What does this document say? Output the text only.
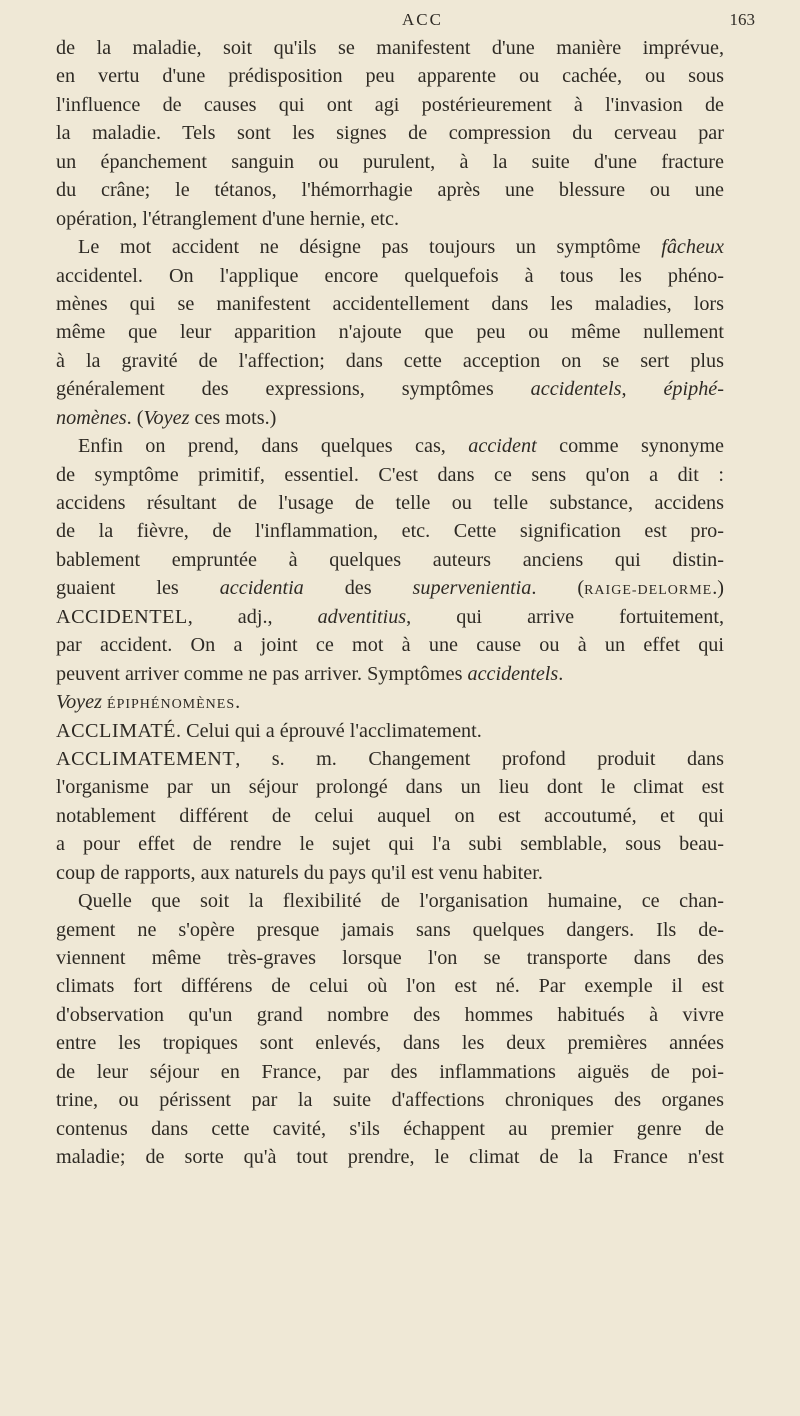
ACC	163
de la maladie, soit qu'ils se manifestent d'une manière imprévue,
en vertu d'une prédisposition peu apparente ou cachée, ou sous
l'influence de causes qui ont agi postérieurement à l'invasion de
la maladie. Tels sont les signes de compression du cerveau par
un épanchement sanguin ou purulent, à la suite d'une fracture
du crâne; le tétanos, l'hémorrhagie après une blessure ou une
opération, l'étranglement d'une hernie, etc.
Le mot accident ne désigne pas toujours un symptôme fâcheux
accidentel. On l'applique encore quelquefois à tous les phéno-
mènes qui se manifestent accidentellement dans les maladies, lors
même que leur apparition n'ajoute que peu ou même nullement
à la gravité de l'affection; dans cette acception on se sert plus
généralement des expressions, symptômes accidentels, épiphé-
nomènes. (Voyez ces mots.)
Enfin on prend, dans quelques cas, accident comme synonyme
de symptôme primitif, essentiel. C'est dans ce sens qu'on a dit :
accidens résultant de l'usage de telle ou telle substance, accidens
de la fièvre, de l'inflammation, etc. Cette signification est pro-
bablement empruntée à quelques auteurs anciens qui distin-
guaient les accidentia des supervenientia. (RAIGE-DELORME.)
ACCIDENTEL, adj., adventitius, qui arrive fortuitement,
par accident. On a joint ce mot à une cause ou à un effet qui
peuvent arriver comme ne pas arriver. Symptômes accidentels.
Voyez ÉPIPHÉNOMÈNES.
ACCLIMATÉ. Celui qui a éprouvé l'acclimatement.
ACCLIMATEMENT, s. m. Changement profond produit dans
l'organisme par un séjour prolongé dans un lieu dont le climat est
notablement différent de celui auquel on est accoutumé, et qui
a pour effet de rendre le sujet qui l'a subi semblable, sous beau-
coup de rapports, aux naturels du pays qu'il est venu habiter.
Quelle que soit la flexibilité de l'organisation humaine, ce chan-
gement ne s'opère presque jamais sans quelques dangers. Ils de-
viennent même très-graves lorsque l'on se transporte dans des
climats fort différens de celui où l'on est né. Par exemple il est
d'observation qu'un grand nombre des hommes habitués à vivre
entre les tropiques sont enlevés, dans les deux premières années
de leur séjour en France, par des inflammations aiguës de poi-
trine, ou périssent par la suite d'affections chroniques des organes
contenus dans cette cavité, s'ils échappent au premier genre de
maladie; de sorte qu'à tout prendre, le climat de la France n'est
